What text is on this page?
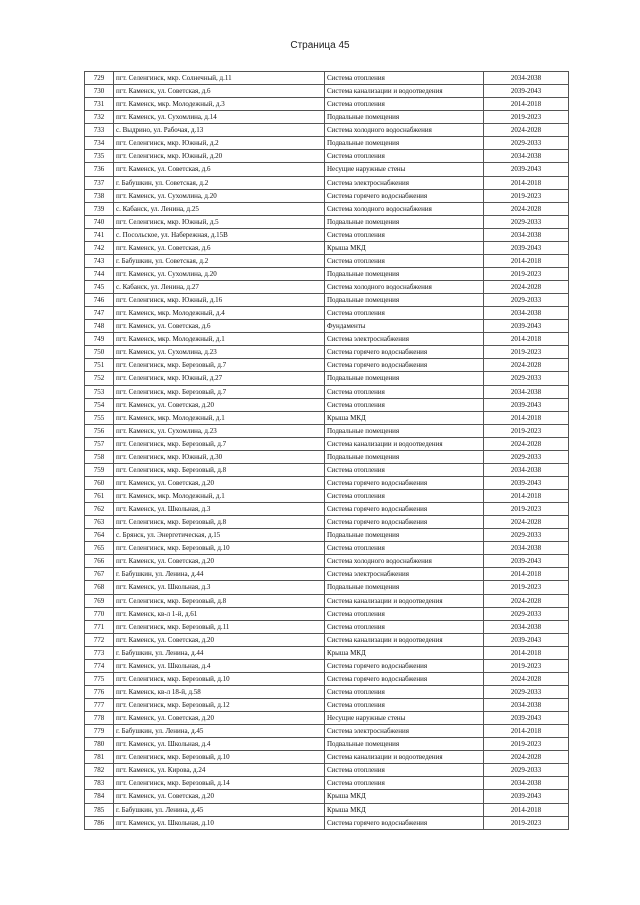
Страница 45
729	пгт. Селенгинск, мкр. Солнечный, д.11	Система отопления	2034-2038
730	пгт. Каменск, ул. Советская, д.6	Система канализации и водоотведения	2039-2043
731	пгт. Каменск, мкр. Молодежный, д.3	Система отопления	2014-2018
732	пгт. Каменск, ул. Сухомлина, д.14	Подвальные помещения	2019-2023
733	с. Выдрино, ул. Рабочая, д.13	Система холодного водоснабжения	2024-2028
734	пгт. Селенгинск, мкр. Южный, д.2	Подвальные помещения	2029-2033
735	пгт. Селенгинск, мкр. Южный, д.20	Система отопления	2034-2038
736	пгт. Каменск, ул. Советская, д.6	Несущие наружные стены	2039-2043
737	г. Бабушкин, ул. Советская, д.2	Система электроснабжения	2014-2018
738	пгт. Каменск, ул. Сухомлина, д.20	Система горячего водоснабжения	2019-2023
739	с. Кабанск, ул. Ленина, д.25	Система холодного водоснабжения	2024-2028
740	пгт. Селенгинск, мкр. Южный, д.5	Подвальные помещения	2029-2033
741	с. Посольское, ул. Набережная, д.15В	Система отопления	2034-2038
742	пгт. Каменск, ул. Советская, д.6	Крыша МКД	2039-2043
743	г. Бабушкин, ул. Советская, д.2	Система отопления	2014-2018
744	пгт. Каменск, ул. Сухомлина, д.20	Подвальные помещения	2019-2023
745	с. Кабанск, ул. Ленина, д.27	Система холодного водоснабжения	2024-2028
746	пгт. Селенгинск, мкр. Южный, д.16	Подвальные помещения	2029-2033
747	пгт. Каменск, мкр. Молодежный, д.4	Система отопления	2034-2038
748	пгт. Каменск, ул. Советская, д.6	Фундаменты	2039-2043
749	пгт. Каменск, мкр. Молодежный, д.1	Система электроснабжения	2014-2018
750	пгт. Каменск, ул. Сухомлина, д.23	Система горячего водоснабжения	2019-2023
751	пгт. Селенгинск, мкр. Березовый, д.7	Система горячего водоснабжения	2024-2028
752	пгт. Селенгинск, мкр. Южный, д.27	Подвальные помещения	2029-2033
753	пгт. Селенгинск, мкр. Березовый, д.7	Система отопления	2034-2038
754	пгт. Каменск, ул. Советская, д.20	Система отопления	2039-2043
755	пгт. Каменск, мкр. Молодежный, д.1	Крыша МКД	2014-2018
756	пгт. Каменск, ул. Сухомлина, д.23	Подвальные помещения	2019-2023
757	пгт. Селенгинск, мкр. Березовый, д.7	Система канализации и водоотведения	2024-2028
758	пгт. Селенгинск, мкр. Южный, д.30	Подвальные помещения	2029-2033
759	пгт. Селенгинск, мкр. Березовый, д.8	Система отопления	2034-2038
760	пгт. Каменск, ул. Советская, д.20	Система горячего водоснабжения	2039-2043
761	пгт. Каменск, мкр. Молодежный, д.1	Система отопления	2014-2018
762	пгт. Каменск, ул. Школьная, д.3	Система горячего водоснабжения	2019-2023
763	пгт. Селенгинск, мкр. Березовый, д.8	Система горячего водоснабжения	2024-2028
764	с. Брянск, ул. Энергетическая, д.15	Подвальные помещения	2029-2033
765	пгт. Селенгинск, мкр. Березовый, д.10	Система отопления	2034-2038
766	пгт. Каменск, ул. Советская, д.20	Система холодного водоснабжения	2039-2043
767	г. Бабушкин, ул. Ленина, д.44	Система электроснабжения	2014-2018
768	пгт. Каменск, ул. Школьная, д.3	Подвальные помещения	2019-2023
769	пгт. Селенгинск, мкр. Березовый, д.8	Система канализации и водоотведения	2024-2028
770	пгт. Каменск, кв-л 1-й, д.61	Система отопления	2029-2033
771	пгт. Селенгинск, мкр. Березовый, д.11	Система отопления	2034-2038
772	пгт. Каменск, ул. Советская, д.20	Система канализации и водоотведения	2039-2043
773	г. Бабушкин, ул. Ленина, д.44	Крыша МКД	2014-2018
774	пгт. Каменск, ул. Школьная, д.4	Система горячего водоснабжения	2019-2023
775	пгт. Селенгинск, мкр. Березовый, д.10	Система горячего водоснабжения	2024-2028
776	пгт. Каменск, кв-л 18-й, д.58	Система отопления	2029-2033
777	пгт. Селенгинск, мкр. Березовый, д.12	Система отопления	2034-2038
778	пгт. Каменск, ул. Советская, д.20	Несущие наружные стены	2039-2043
779	г. Бабушкин, ул. Ленина, д.45	Система электроснабжения	2014-2018
780	пгт. Каменск, ул. Школьная, д.4	Подвальные помещения	2019-2023
781	пгт. Селенгинск, мкр. Березовый, д.10	Система канализации и водоотведения	2024-2028
782	пгт. Каменск, ул. Кирова, д.24	Система отопления	2029-2033
783	пгт. Селенгинск, мкр. Березовый, д.14	Система отопления	2034-2038
784	пгт. Каменск, ул. Советская, д.20	Крыша МКД	2039-2043
785	г. Бабушкин, ул. Ленина, д.45	Крыша МКД	2014-2018
786	пгт. Каменск, ул. Школьная, д.10	Система горячего водоснабжения	2019-2023
